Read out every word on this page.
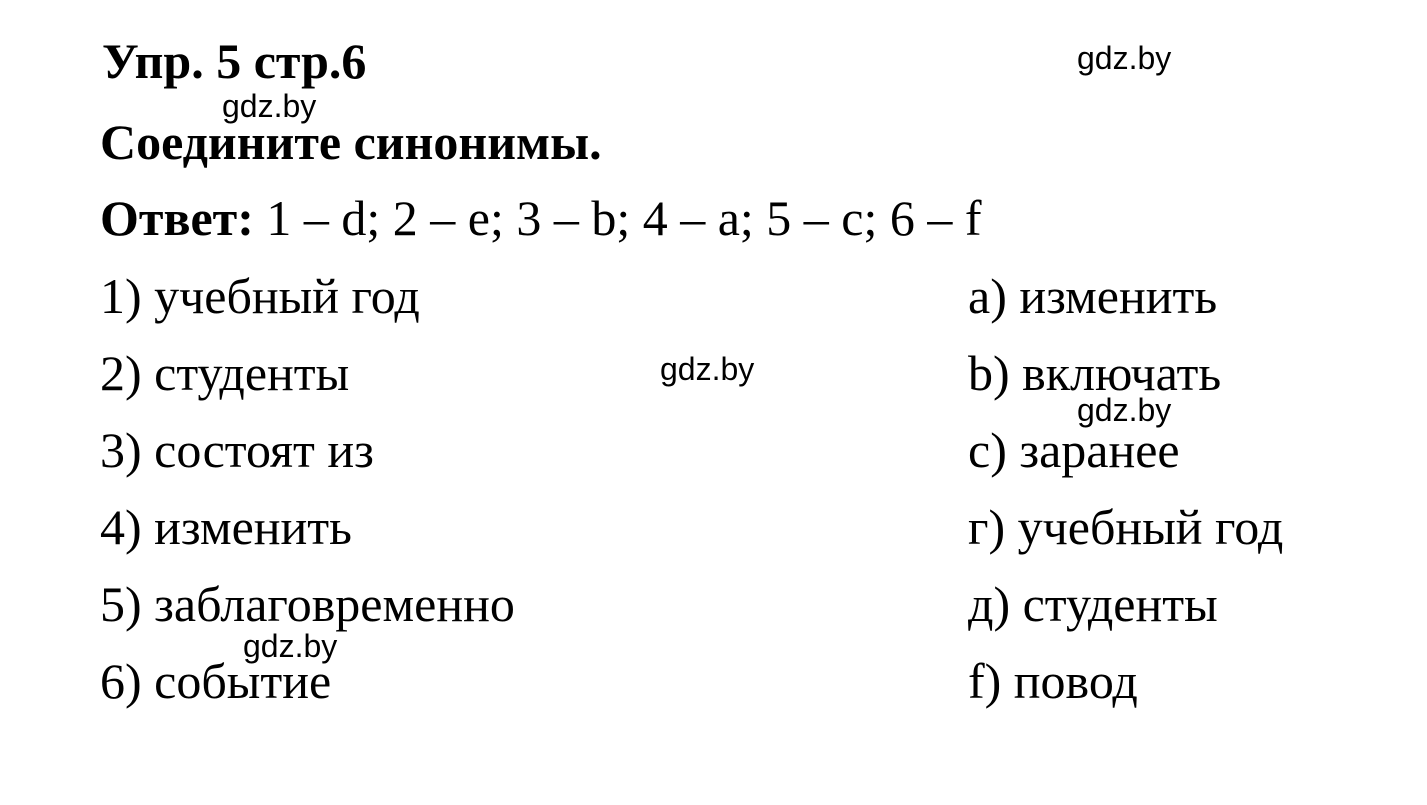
Упр. 5 стр.6
Соедините синонимы.
Ответ: 1 – d; 2 – e; 3 – b; 4 – a; 5 – c; 6 – f
1) учебный год
2) студенты
3) состоят из
4) изменить
5) заблаговременно
6) событие
a) изменить
b) включать
c) заранее
г) учебный год
д) студенты
f) повод
gdz.by
gdz.by
gdz.by
gdz.by
gdz.by
